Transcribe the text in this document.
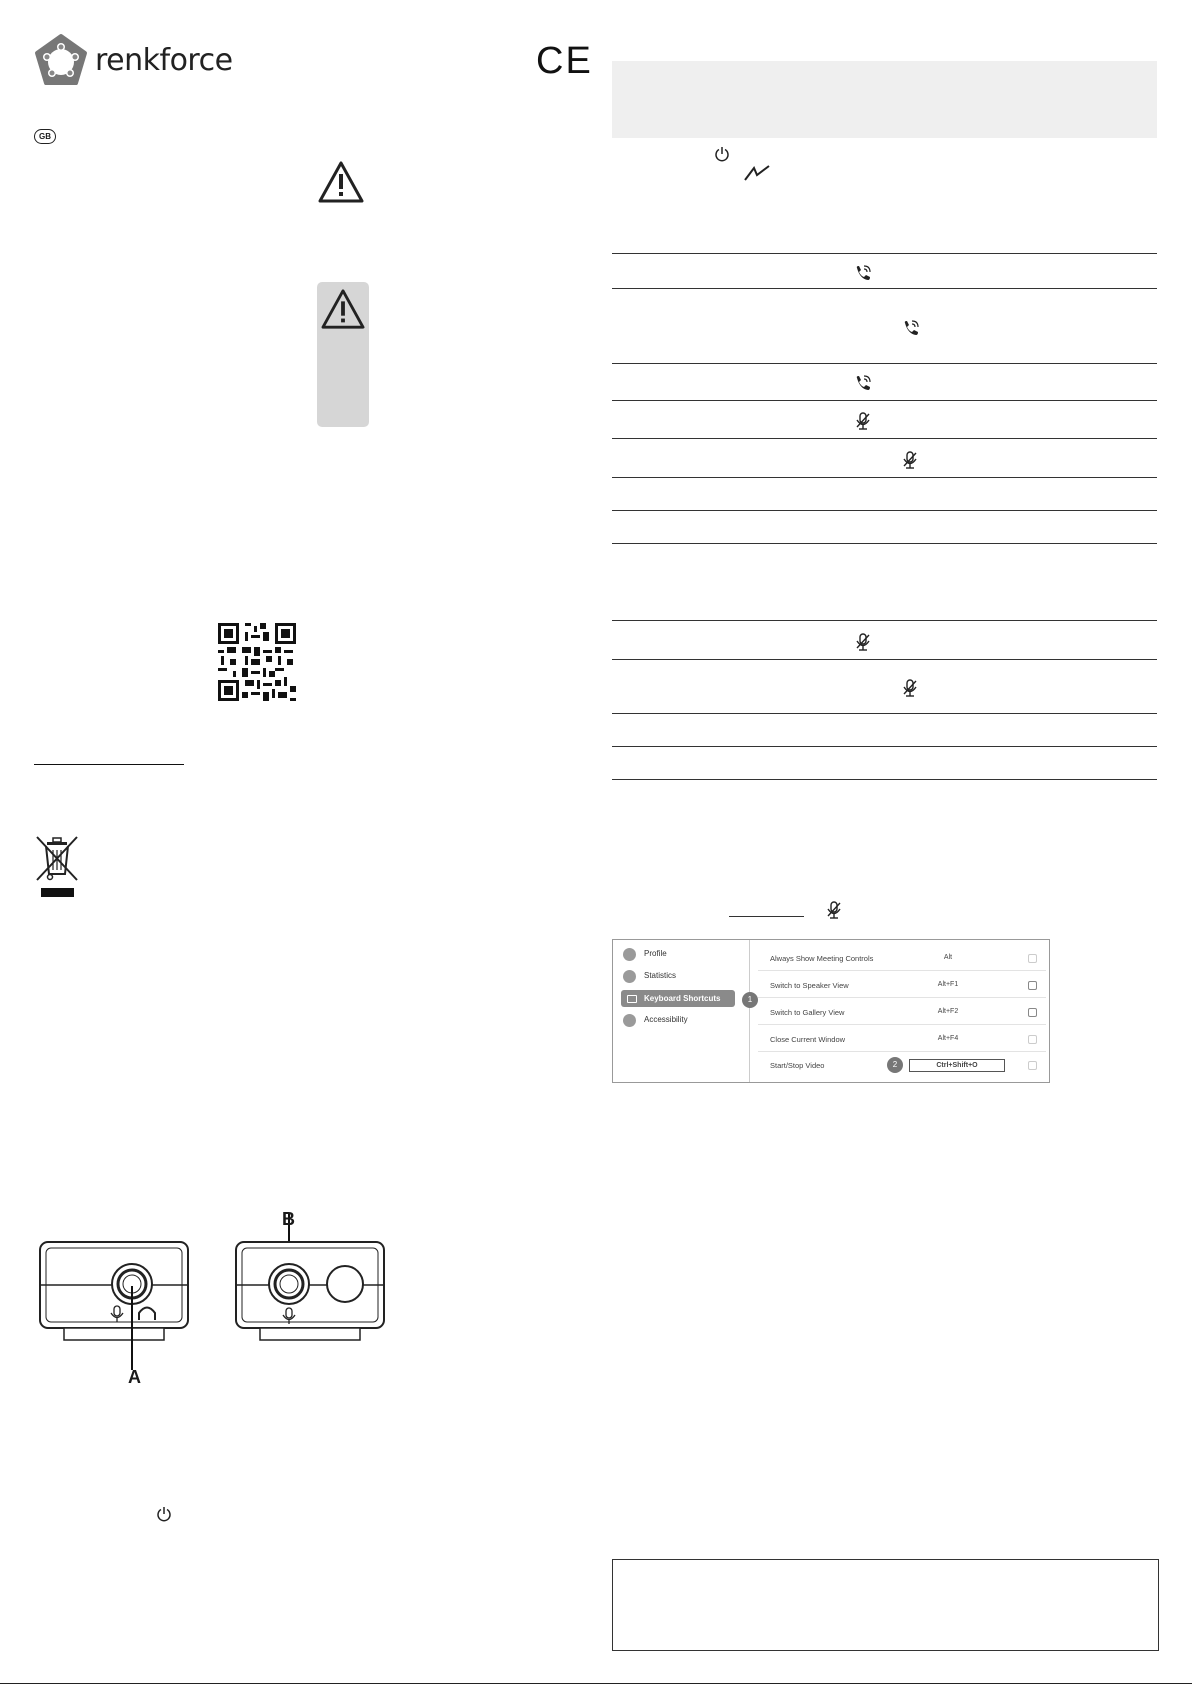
renkforce	CE
GB
A
B
Profile
Statistics
Keyboard Shortcuts
Accessibility
1
Always Show Meeting Controls	Alt
Switch to Speaker View	Alt+F1
Switch to Gallery View	Alt+F2
Close Current Window	Alt+F4
Start/Stop Video	2	Ctrl+Shift+O
